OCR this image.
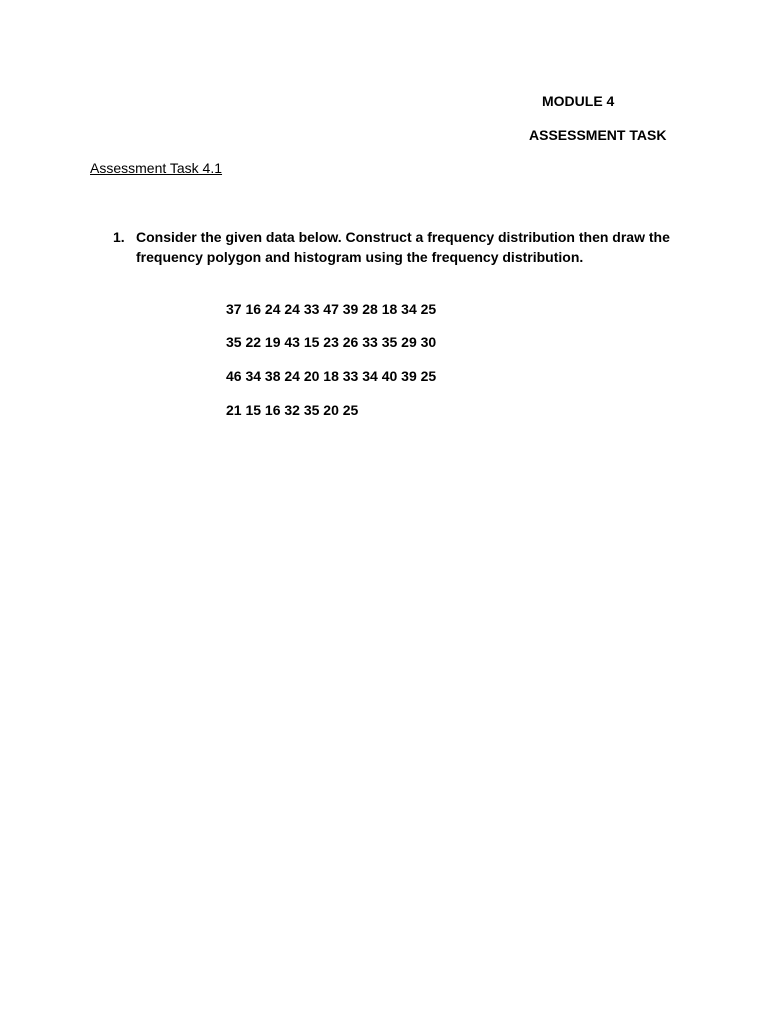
MODULE 4
ASSESSMENT TASK
Assessment Task 4.1
1. Consider the given data below. Construct a frequency distribution then draw the frequency polygon and histogram using the frequency distribution.
37 16 24 24 33 47 39 28 18 34 25
35 22 19 43 15 23 26 33 35 29 30
46 34 38 24 20 18 33 34 40 39 25
21 15 16 32 35 20 25
